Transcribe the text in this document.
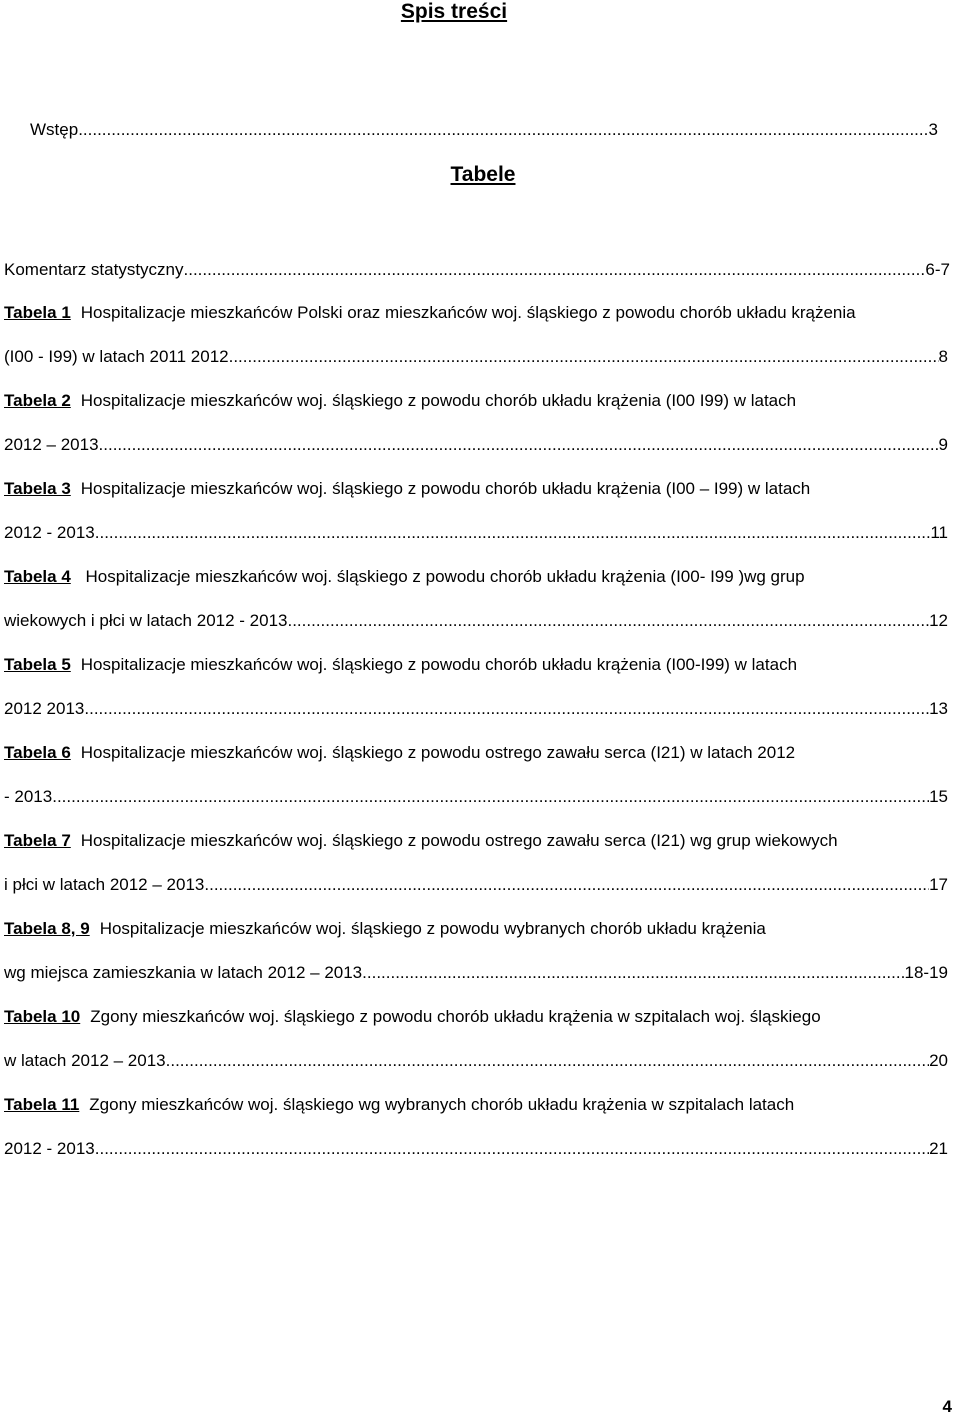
Spis treści
Wstęp .....	3
Tabele
Komentarz statystyczny .....	6-7
Tabela 1 Hospitalizacje mieszkańców Polski oraz mieszkańców woj. śląskiego z powodu chorób układu krążenia
(I00 - I99) w latach 2011 2012. .....	8
Tabela 2 Hospitalizacje mieszkańców woj. śląskiego z powodu chorób układu krążenia (I00 I99) w latach
2012 – 2013. .....	9
Tabela 3 Hospitalizacje mieszkańców woj. śląskiego z powodu chorób układu krążenia (I00 – I99) w latach
2012 - 2013. .....	11
Tabela 4 Hospitalizacje mieszkańców woj. śląskiego z powodu chorób układu krążenia (I00- I99 )wg grup
wiekowych i płci w latach 2012 - 2013. .....	12
Tabela 5 Hospitalizacje mieszkańców woj. śląskiego z powodu chorób układu krążenia (I00-I99) w latach
2012 2013. .....	13
Tabela 6 Hospitalizacje mieszkańców woj. śląskiego z powodu ostrego zawału serca (I21) w latach 2012
- 2013. .....	15
Tabela 7 Hospitalizacje mieszkańców woj. śląskiego z powodu ostrego zawału serca (I21) wg grup wiekowych
i płci w latach 2012 – 2013. .....	17
Tabela 8, 9 Hospitalizacje mieszkańców woj. śląskiego z powodu wybranych chorób układu krążenia
wg miejsca zamieszkania w latach 2012 – 2013. .....	18-19
Tabela 10 Zgony mieszkańców woj. śląskiego z powodu chorób układu krążenia w szpitalach woj. śląskiego
w latach 2012 – 2013. .....	20
Tabela 11 Zgony mieszkańców woj. śląskiego wg wybranych chorób układu krążenia w szpitalach latach
2012 - 2013. .....	21
4
